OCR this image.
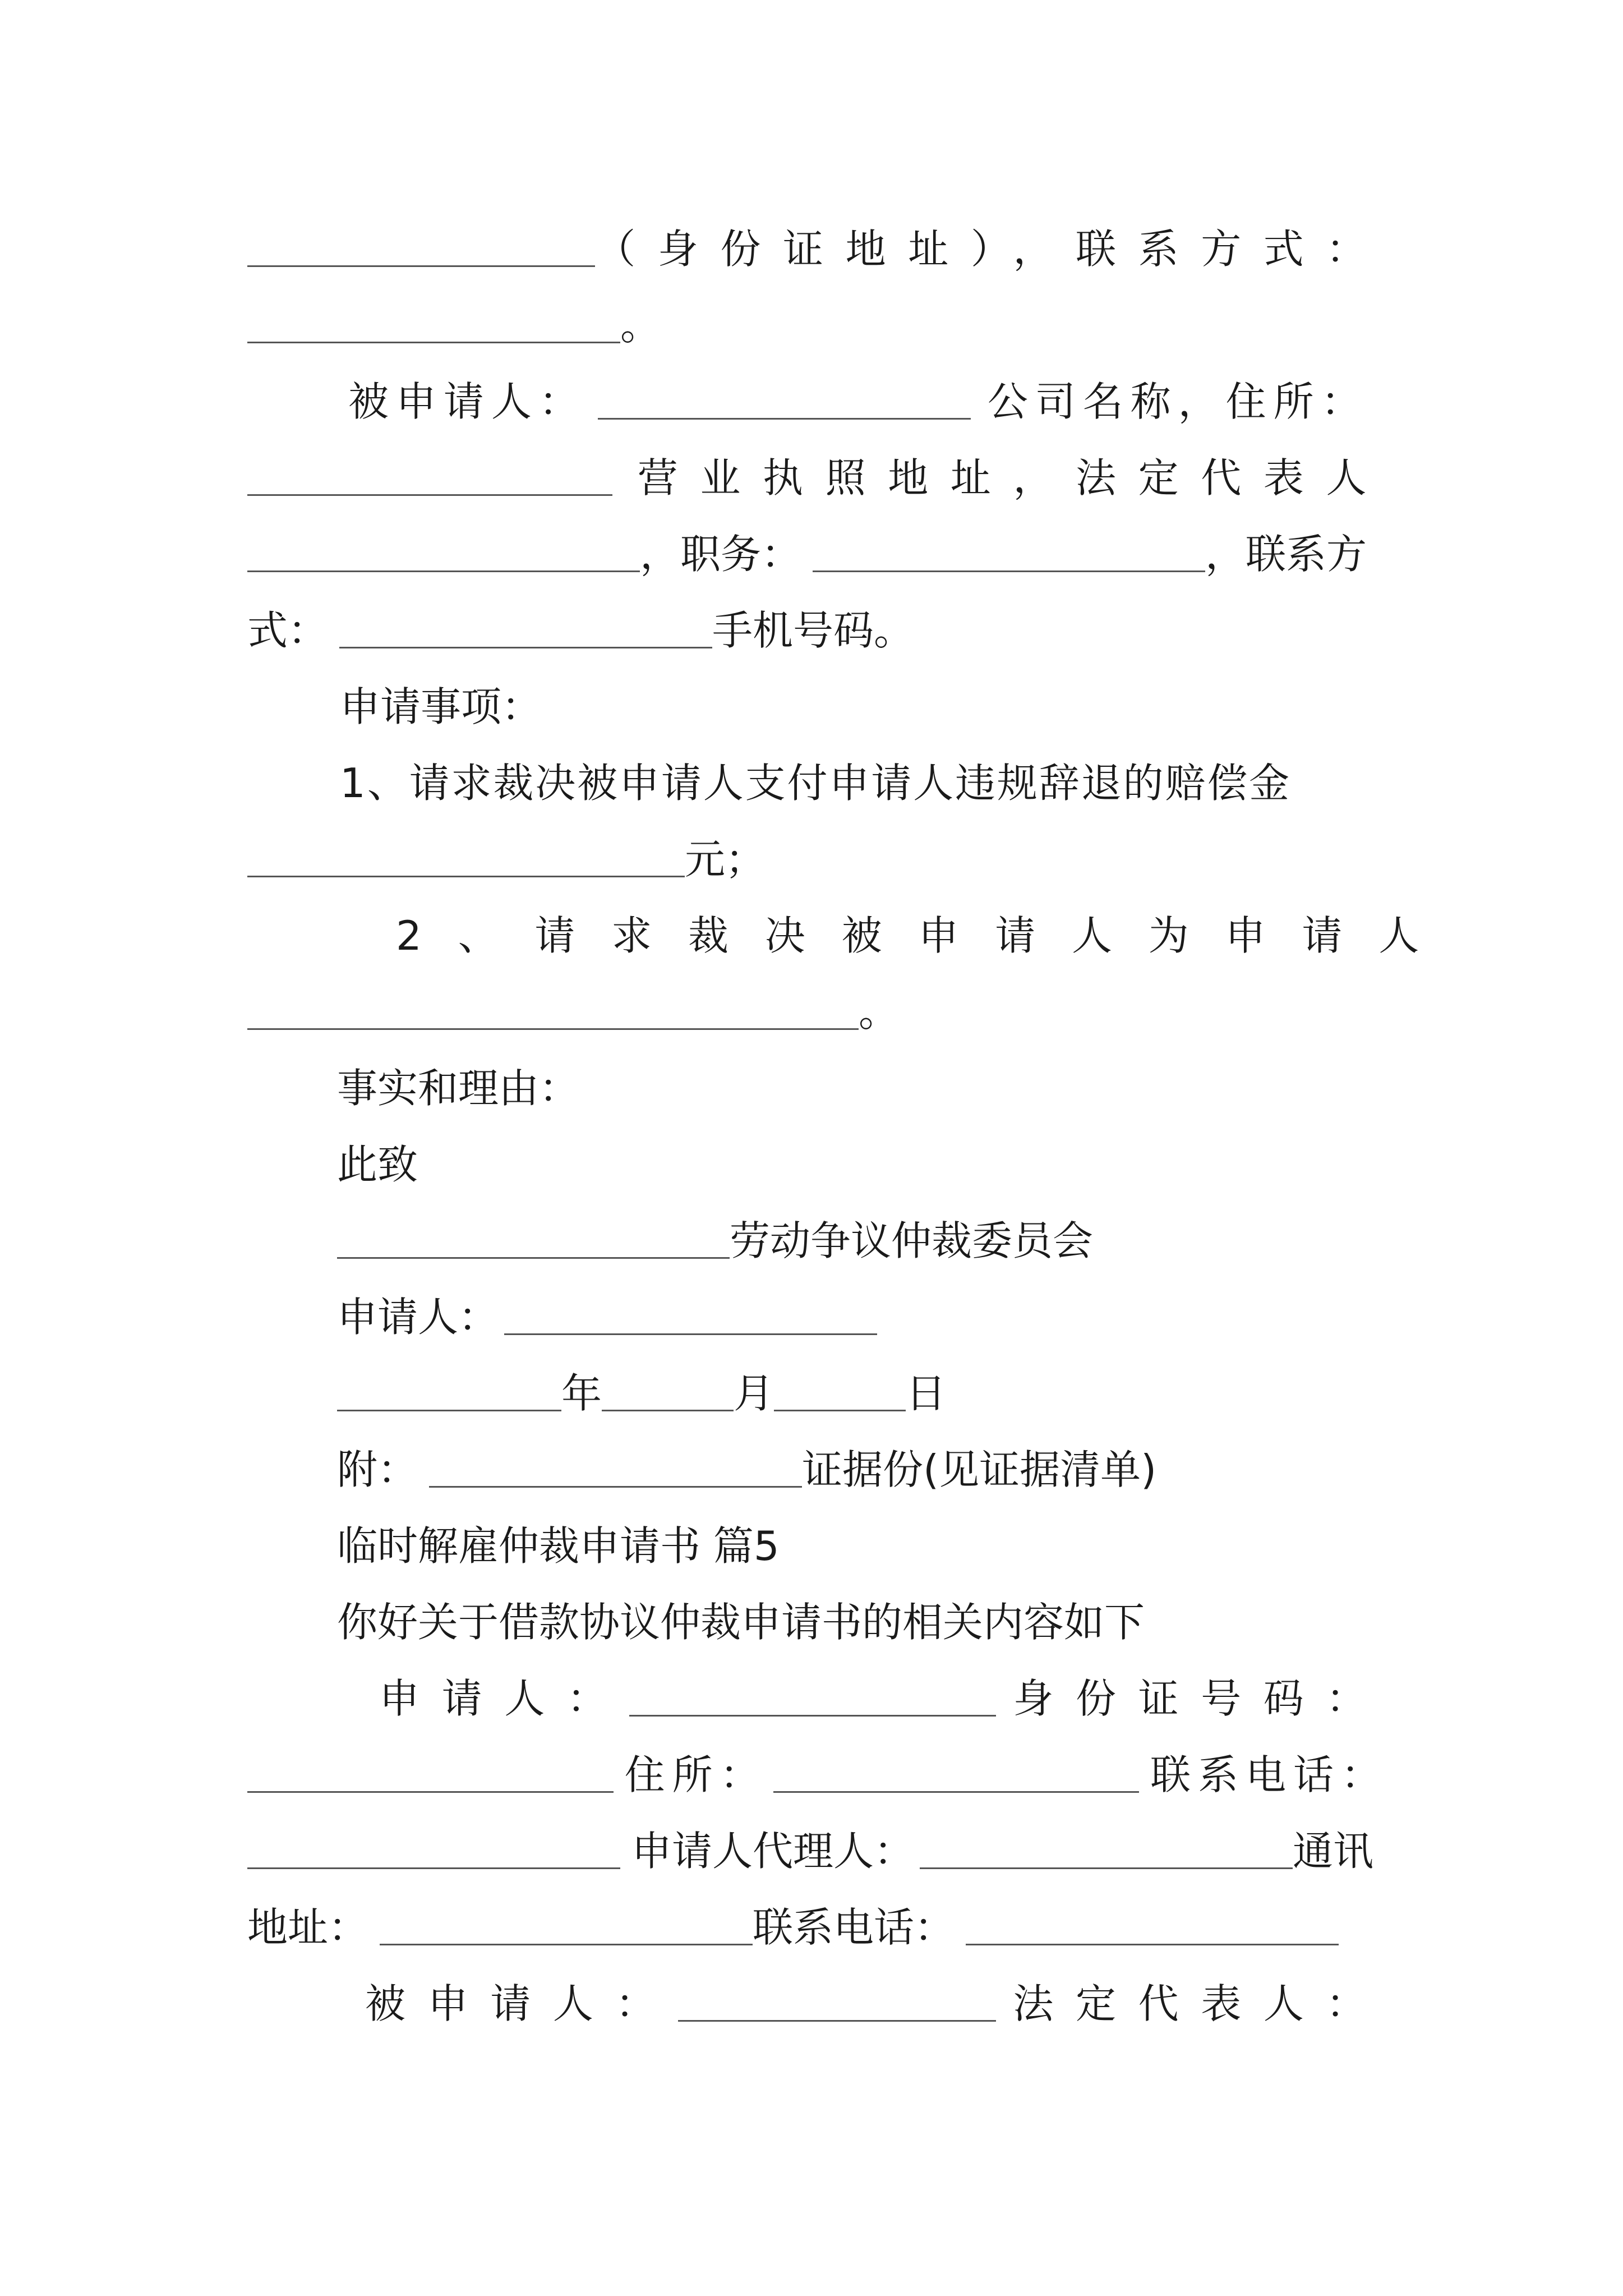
（身份证地址），联系方式：
。
被申请人：	公司名称，住所：
营业执照地址，法定代表人
，职务：	，联系方
式：	手机号码。
申请事项：
1、请求裁决被申请人支付申请人违规辞退的赔偿金
元；
2、请求裁决被申请人为申请人
。
事实和理由：
此致
劳动争议仲裁委员会
申请人：
年	月	日
附：	证据份(见证据清单)
临时解雇仲裁申请书 篇5
你好关于借款协议仲裁申请书的相关内容如下
申请人：	身份证号码：
住所：	联系电话：
申请人代理人：	通讯
地址：	联系电话：
被申请人：	法定代表人：
